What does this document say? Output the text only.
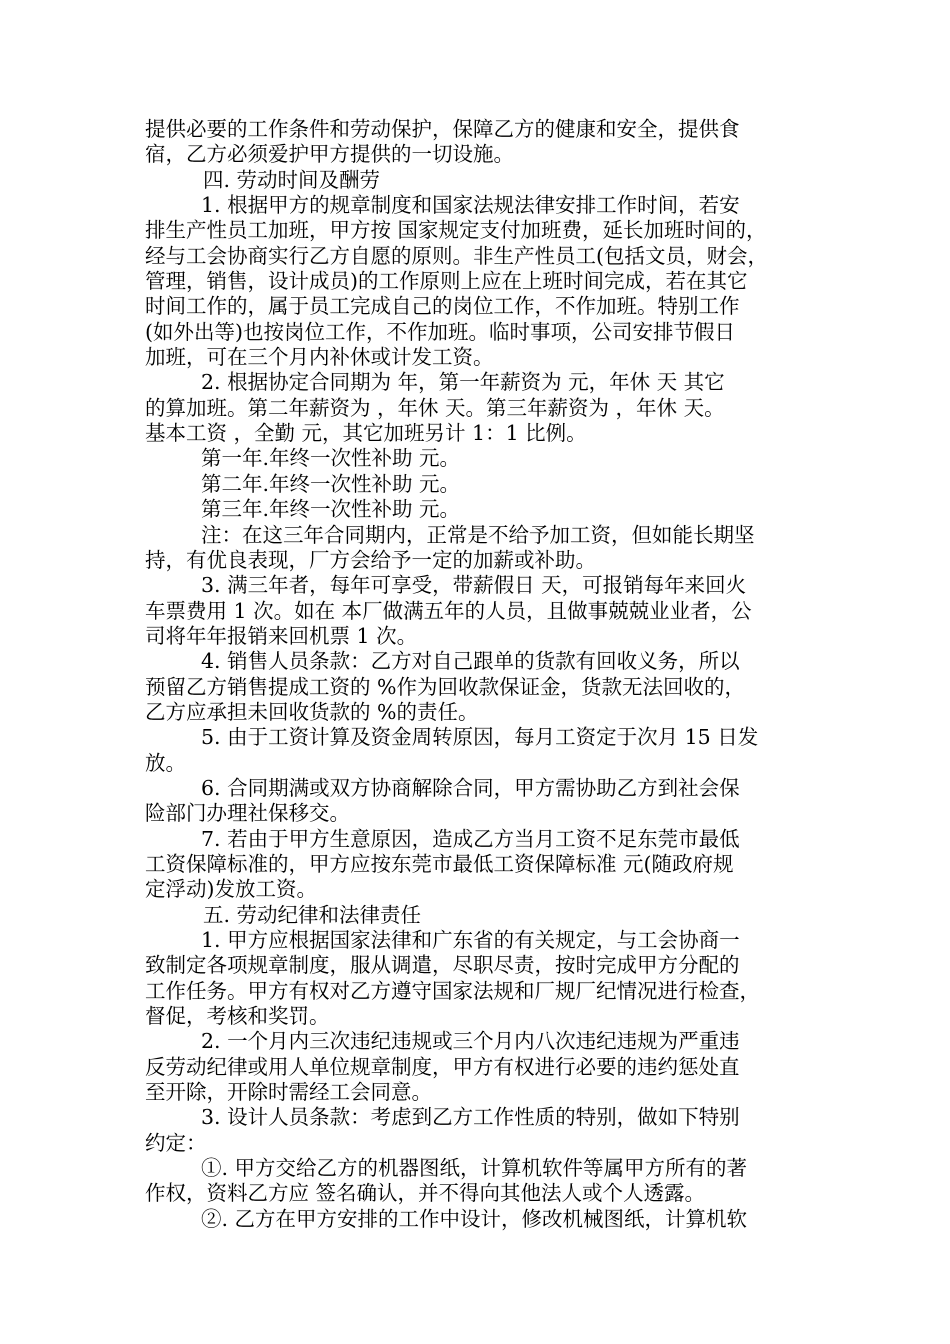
提供必要的工作条件和劳动保护，保障乙方的健康和安全，提供食
宿，乙方必须爱护甲方提供的一切设施。
四. 劳动时间及酬劳
1. 根据甲方的规章制度和国家法规法律安排工作时间，若安
排生产性员工加班，甲方按 国家规定支付加班费，延长加班时间的，
经与工会协商实行乙方自愿的原则。非生产性员工(包括文员，财会，
管理，销售，设计成员)的工作原则上应在上班时间完成，若在其它
时间工作的，属于员工完成自己的岗位工作，不作加班。特别工作
(如外出等)也按岗位工作，不作加班。临时事项，公司安排节假日
加班，可在三个月内补休或计发工资。
2. 根据协定合同期为 年，第一年薪资为 元，年休 天 其它
的算加班。第二年薪资为 ，年休 天。第三年薪资为 ，年休 天。
基本工资 ，全勤 元，其它加班另计 1：1 比例。
第一年.年终一次性补助 元。
第二年.年终一次性补助 元。
第三年.年终一次性补助 元。
注：在这三年合同期内，正常是不给予加工资，但如能长期坚
持，有优良表现，厂方会给予一定的加薪或补助。
3. 满三年者，每年可享受，带薪假日 天，可报销每年来回火
车票费用 1 次。如在 本厂做满五年的人员，且做事兢兢业业者，公
司将年年报销来回机票 1 次。
4. 销售人员条款：乙方对自己跟单的货款有回收义务，所以
预留乙方销售提成工资的 %作为回收款保证金，货款无法回收的，
乙方应承担未回收货款的 %的责任。
5. 由于工资计算及资金周转原因，每月工资定于次月 15 日发
放。
6. 合同期满或双方协商解除合同，甲方需协助乙方到社会保
险部门办理社保移交。
7. 若由于甲方生意原因，造成乙方当月工资不足东莞市最低
工资保障标准的，甲方应按东莞市最低工资保障标准 元(随政府规
定浮动)发放工资。
五. 劳动纪律和法律责任
1. 甲方应根据国家法律和广东省的有关规定，与工会协商一
致制定各项规章制度，服从调遣，尽职尽责，按时完成甲方分配的
工作任务。甲方有权对乙方遵守国家法规和厂规厂纪情况进行检查，
督促，考核和奖罚。
2. 一个月内三次违纪违规或三个月内八次违纪违规为严重违
反劳动纪律或用人单位规章制度，甲方有权进行必要的违约惩处直
至开除，开除时需经工会同意。
3. 设计人员条款：考虑到乙方工作性质的特别，做如下特别
约定：
①. 甲方交给乙方的机器图纸，计算机软件等属甲方所有的著
作权，资料乙方应 签名确认，并不得向其他法人或个人透露。
②. 乙方在甲方安排的工作中设计，修改机械图纸，计算机软
